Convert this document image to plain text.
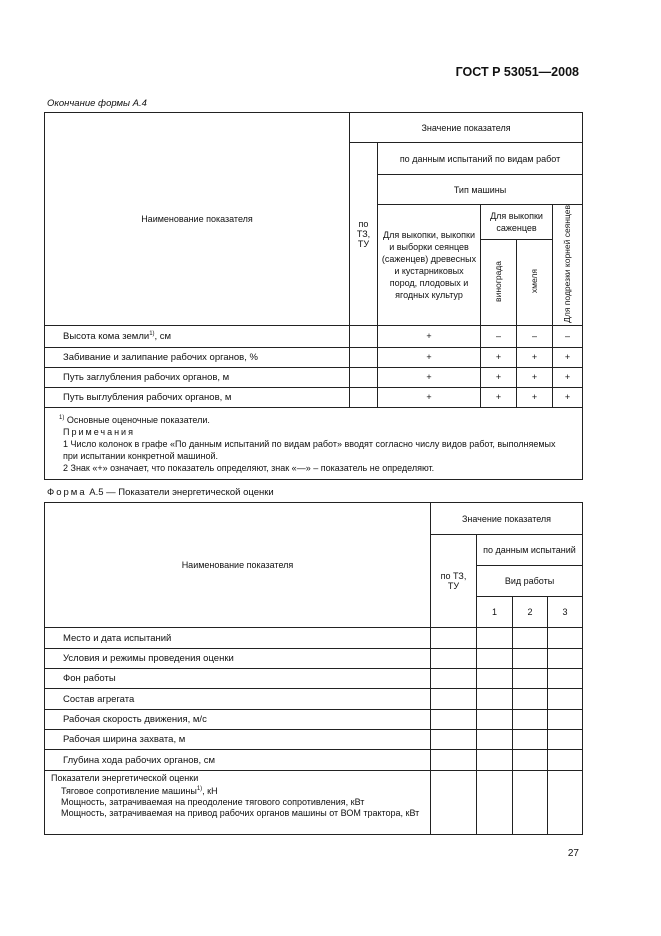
ГОСТ Р 53051—2008
Окончание формы А.4
Наименование показателя	Значение показателя				
	по ТЗ, ТУ	по данным испытаний по видам работ			
		Тип машины			
		Для выкопки, выкопки и выборки сеянцев (саженцев) древесных и кустарниковых пород, плодовых и ягодных культур	Для выкопки саженцев		Для подрезки корней сеянцев
			винограда	хмеля	
Высота кома земли$^{1)}$, см		+	–	–	–
Забивание и залипание рабочих органов, %		+	+	+	+
Путь заглубления рабочих органов, м		+	+	+	+
Путь выглубления рабочих органов, м		+	+	+	+

$^{1)}$ Основные оценочные показатели.
Примечания
1 Число колонок в графе «По данным испытаний по видам работ» вводят согласно числу видов работ, выполняемых при испытании конкретной машиной.
2 Знак «+» означает, что показатель определяют, знак «—» – показатель не определяют.					
Форма А.5 — Показатели энергетической оценки
Наименование показателя	Значение показателя			
	по ТЗ, ТУ	по данным испытаний		
		Вид работы		
		1	2	3
Место и дата испытаний				
Условия и режимы проведения оценки				
Фон работы				
Состав агрегата				
Рабочая скорость движения, м/с				
Рабочая ширина захвата, м				
Глубина хода рабочих органов, см				

Показатели энергетической оценки
Тяговое сопротивление машины$^{1)}$, кН
Мощность, затрачиваемая на преодоление тягового сопротивления, кВт
Мощность, затрачиваемая на привод рабочих органов машины от ВОМ трактора, кВт				

27
